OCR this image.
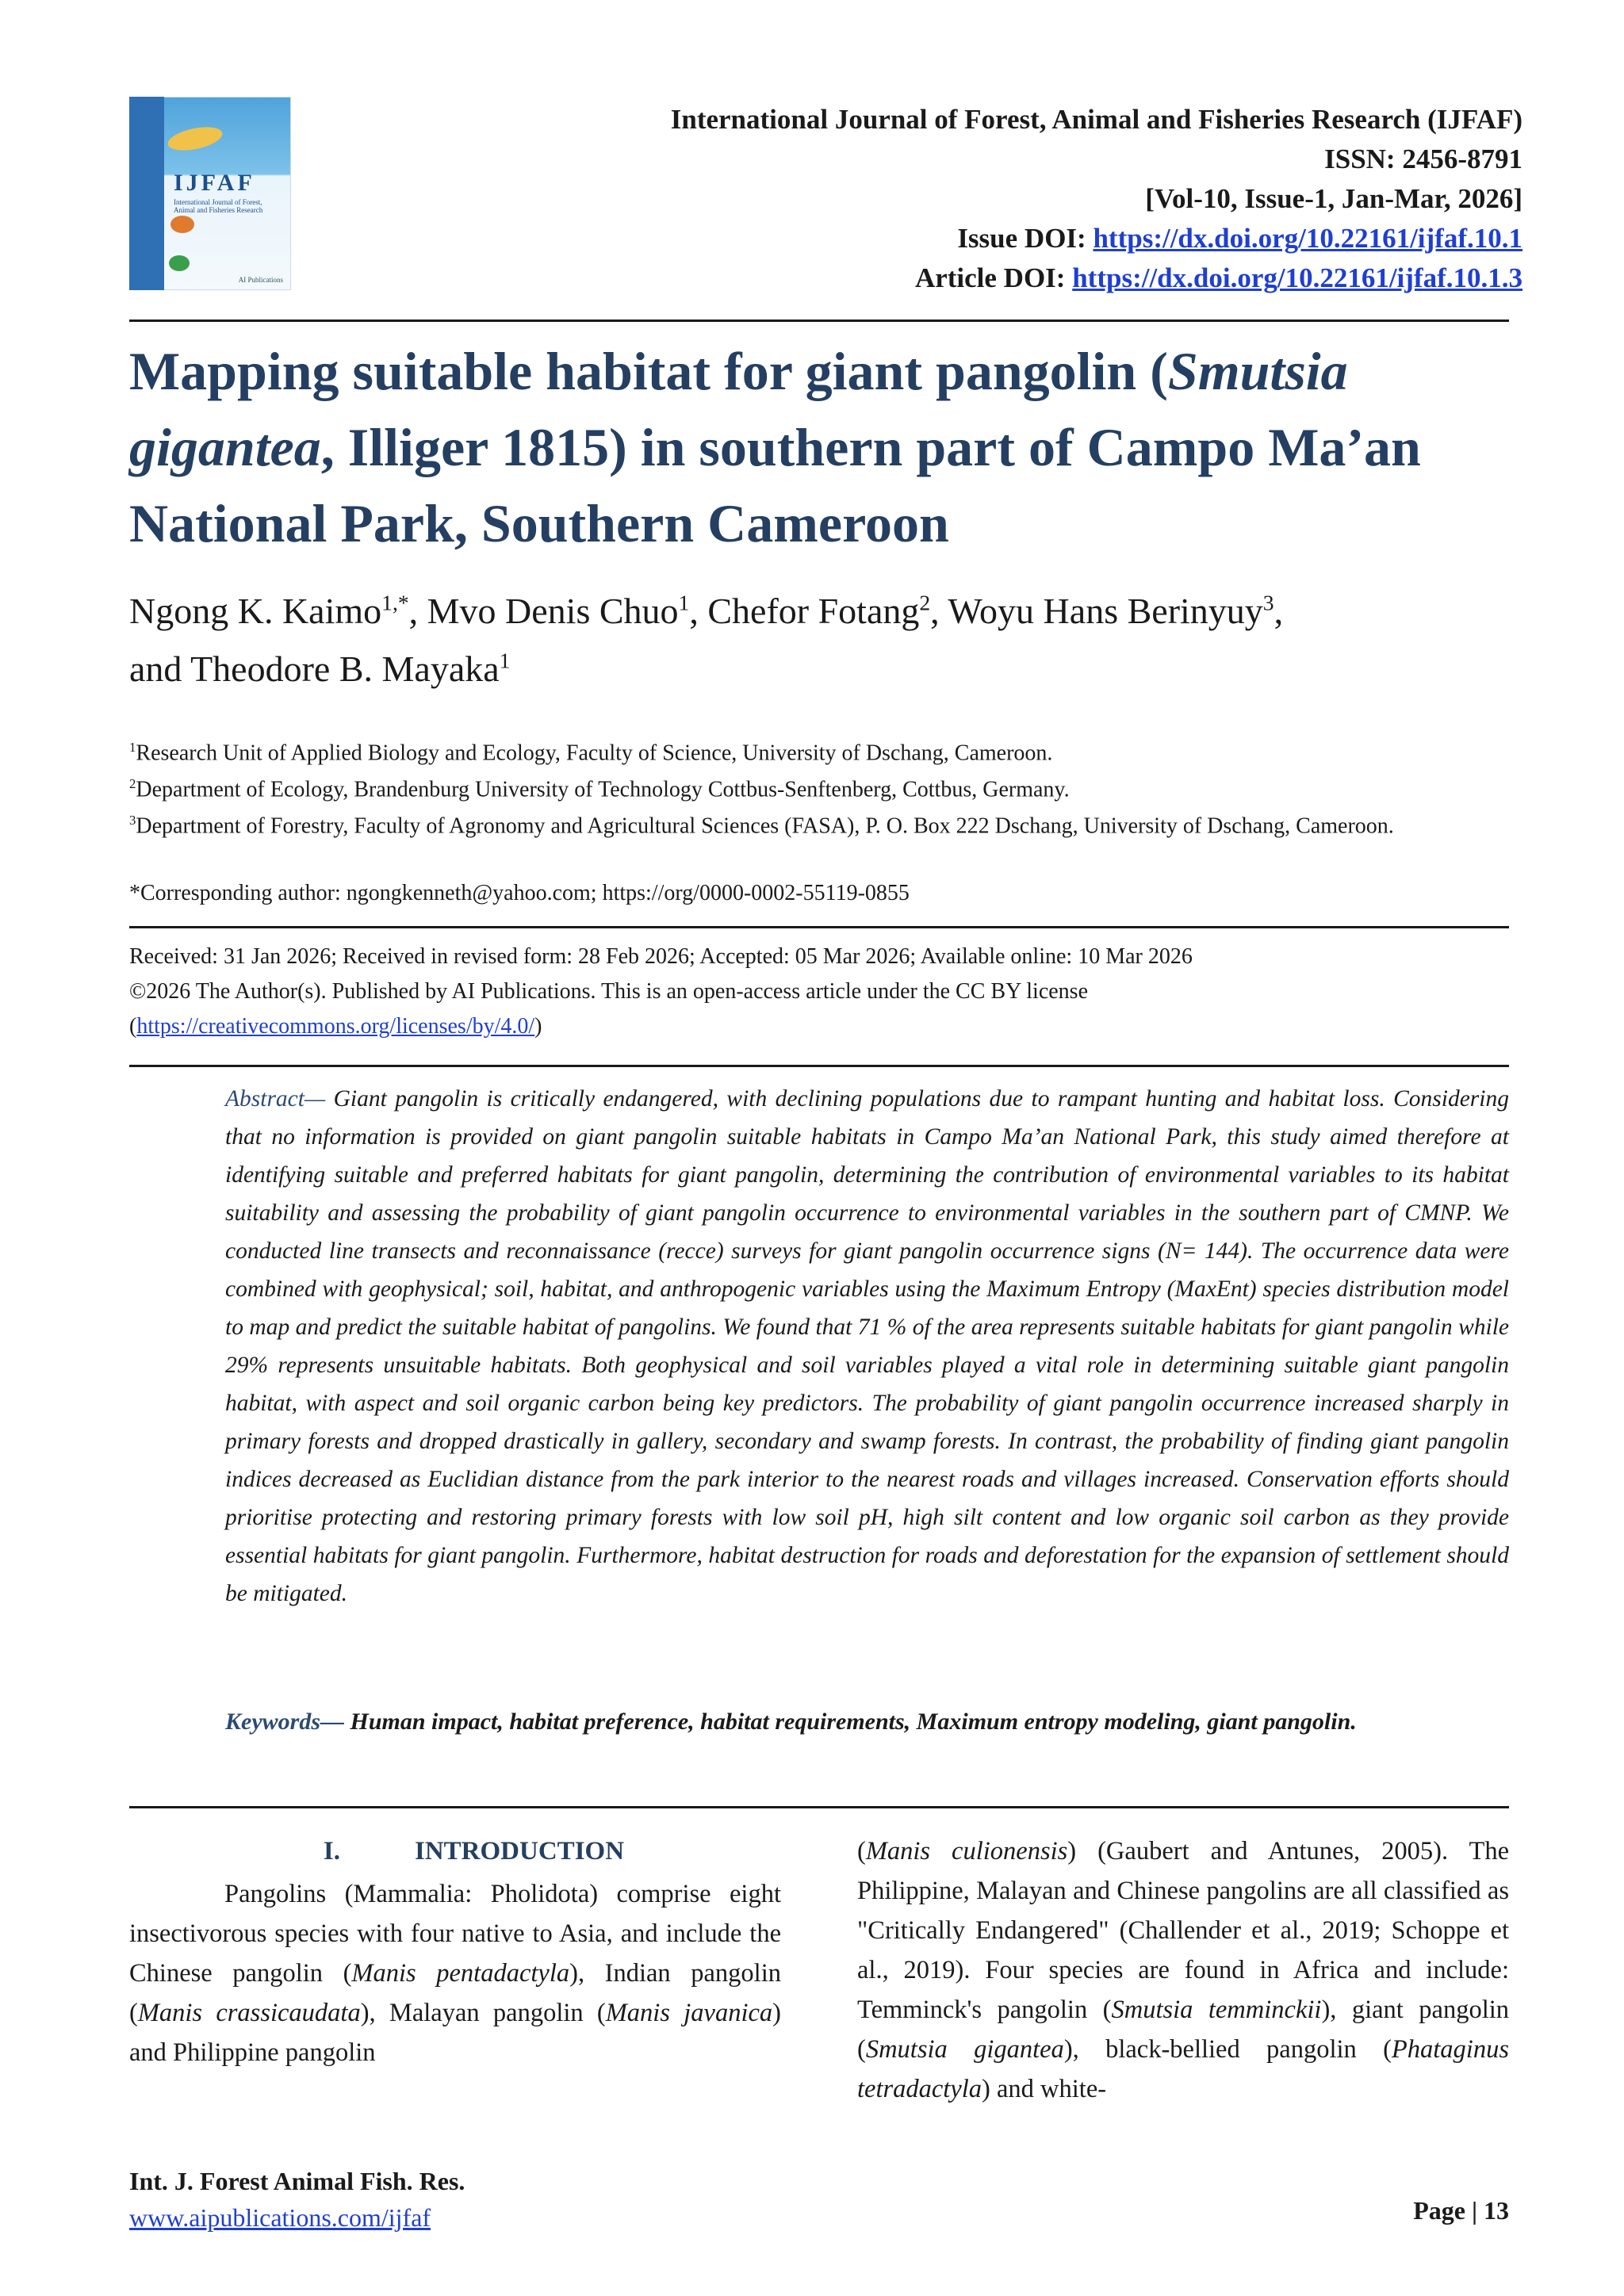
IJFAF
International Journal of Forest, Animal and Fisheries Research
AI Publications
International Journal of Forest, Animal and Fisheries Research (IJFAF)
ISSN: 2456-8791
[Vol-10, Issue-1, Jan-Mar, 2026]
Issue DOI: https://dx.doi.org/10.22161/ijfaf.10.1
Article DOI: https://dx.doi.org/10.22161/ijfaf.10.1.3
Mapping suitable habitat for giant pangolin (Smutsia gigantea, Illiger 1815) in southern part of Campo Ma’an National Park, Southern Cameroon
Ngong K. Kaimo$^{1,*}$, Mvo Denis Chuo$^1$, Chefor Fotang$^2$, Woyu Hans Berinyuy$^3$,
and Theodore B. Mayaka$^1$
$^1$Research Unit of Applied Biology and Ecology, Faculty of Science, University of Dschang, Cameroon.
$^2$Department of Ecology, Brandenburg University of Technology Cottbus-Senftenberg, Cottbus, Germany.
$^3$Department of Forestry, Faculty of Agronomy and Agricultural Sciences (FASA), P. O. Box 222 Dschang, University of Dschang, Cameroon.
*Corresponding author: ngongkenneth@yahoo.com; https://org/0000-0002-55119-0855
Received: 31 Jan 2026; Received in revised form: 28 Feb 2026; Accepted: 05 Mar 2026; Available online: 10 Mar 2026
©2026 The Author(s). Published by AI Publications. This is an open-access article under the CC BY license
(https://creativecommons.org/licenses/by/4.0/)
Abstract— Giant pangolin is critically endangered, with declining populations due to rampant hunting and habitat loss. Considering that no information is provided on giant pangolin suitable habitats in Campo Ma’an National Park, this study aimed therefore at identifying suitable and preferred habitats for giant pangolin, determining the contribution of environmental variables to its habitat suitability and assessing the probability of giant pangolin occurrence to environmental variables in the southern part of CMNP. We conducted line transects and reconnaissance (recce) surveys for giant pangolin occurrence signs (N= 144). The occurrence data were combined with geophysical; soil, habitat, and anthropogenic variables using the Maximum Entropy (MaxEnt) species distribution model to map and predict the suitable habitat of pangolins. We found that 71 % of the area represents suitable habitats for giant pangolin while 29% represents unsuitable habitats. Both geophysical and soil variables played a vital role in determining suitable giant pangolin habitat, with aspect and soil organic carbon being key predictors. The probability of giant pangolin occurrence increased sharply in primary forests and dropped drastically in gallery, secondary and swamp forests. In contrast, the probability of finding giant pangolin indices decreased as Euclidian distance from the park interior to the nearest roads and villages increased. Conservation efforts should prioritise protecting and restoring primary forests with low soil pH, high silt content and low organic soil carbon as they provide essential habitats for giant pangolin. Furthermore, habitat destruction for roads and deforestation for the expansion of settlement should be mitigated.
Keywords— Human impact, habitat preference, habitat requirements, Maximum entropy modeling, giant pangolin.
I.	INTRODUCTION

Pangolins (Mammalia: Pholidota) comprise eight insectivorous species with four native to Asia, and include the Chinese pangolin (Manis pentadactyla), Indian pangolin (Manis crassicaudata), Malayan pangolin (Manis javanica) and Philippine pangolin

(Manis culionensis) (Gaubert and Antunes, 2005). The Philippine, Malayan and Chinese pangolins are all classified as "Critically Endangered" (Challender et al., 2019; Schoppe et al., 2019). Four species are found in Africa and include: Temminck's pangolin (Smutsia temminckii), giant pangolin (Smutsia gigantea), black-bellied pangolin (Phataginus tetradactyla) and white-

Int. J. Forest Animal Fish. Res.
www.aipublications.com/ijfaf	Page | 13
